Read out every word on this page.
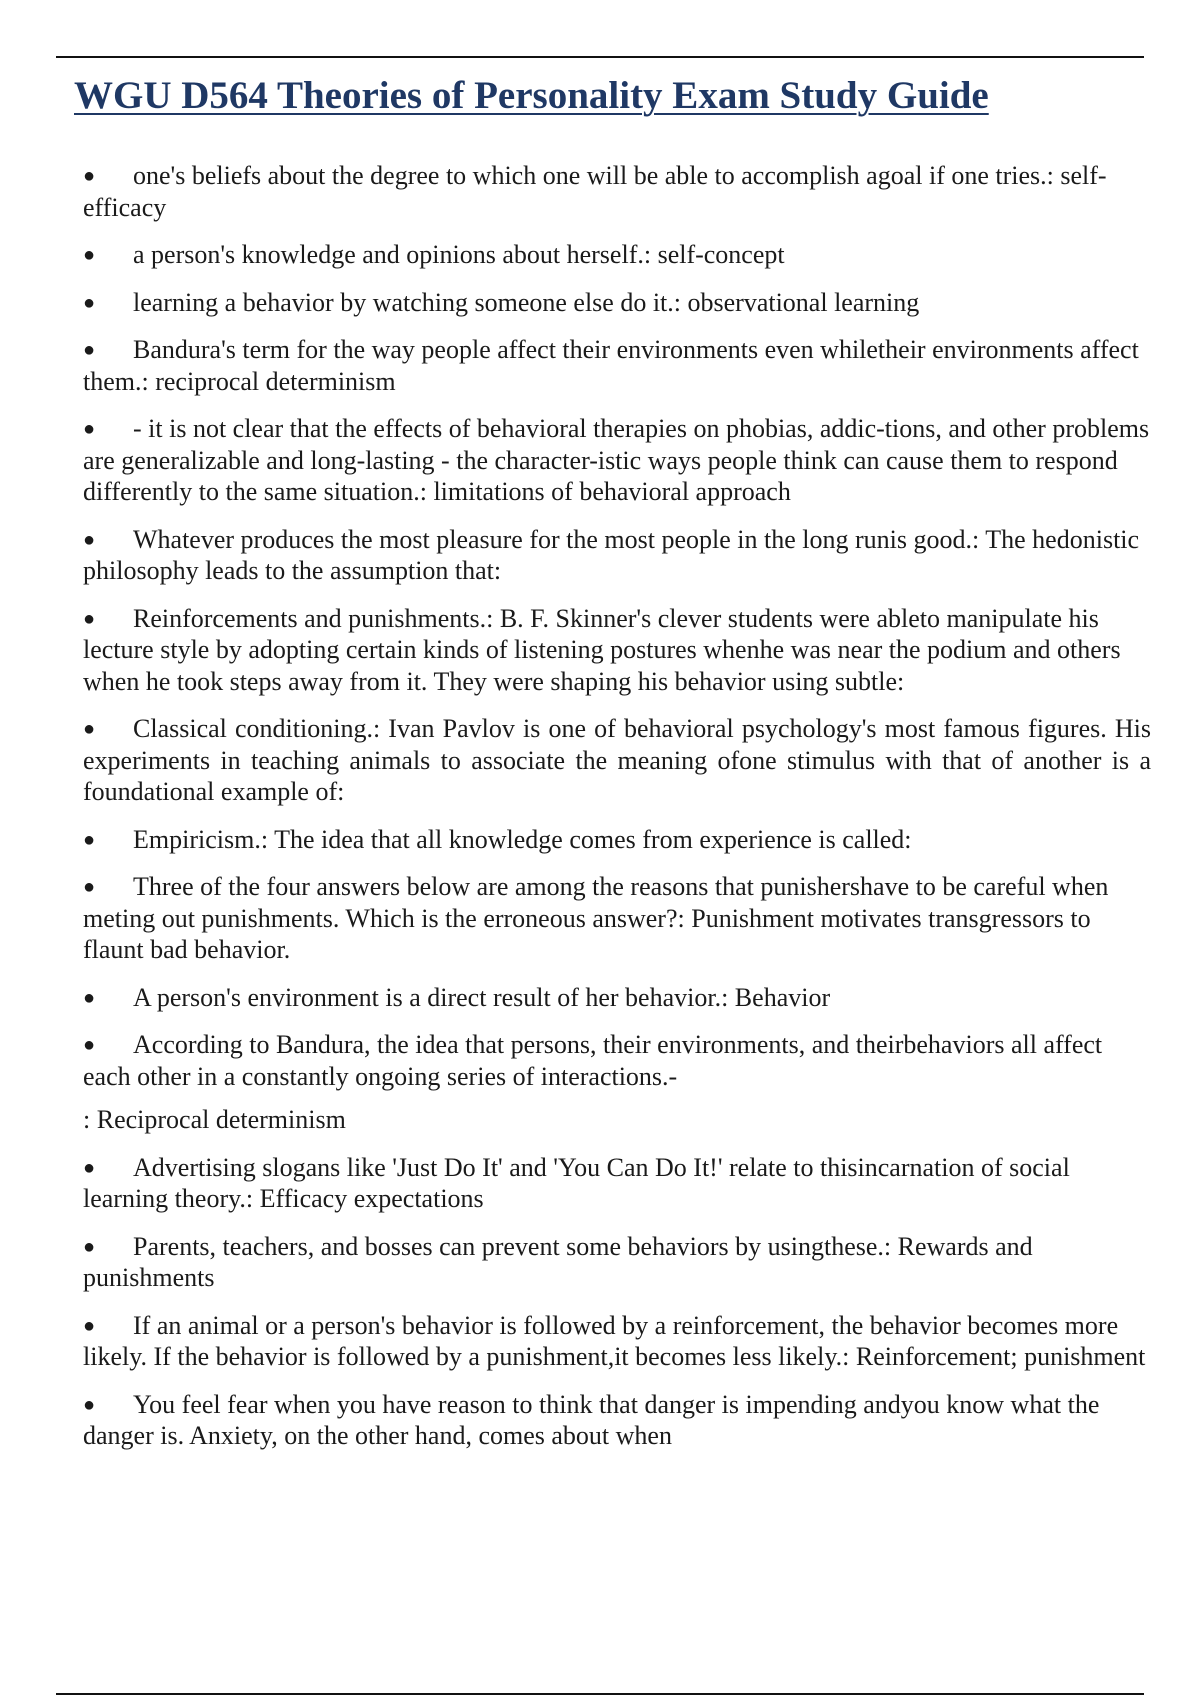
WGU D564 Theories of Personality Exam Study Guide

● one's beliefs about the degree to which one will be able to accomplish agoal if one tries.: self-efficacy

● a person's knowledge and opinions about herself.: self-concept

● learning a behavior by watching someone else do it.: observational learning

● Bandura's term for the way people affect their environments even whiletheir environments affect them.: reciprocal determinism

● - it is not clear that the effects of behavioral therapies on phobias, addic-tions, and other problems are generalizable and long-lasting - the character-istic ways people think can cause them to respond differently to the same situation.: limitations of behavioral approach

● Whatever produces the most pleasure for the most people in the long runis good.: The hedonistic philosophy leads to the assumption that:

● Reinforcements and punishments.: B. F. Skinner's clever students were ableto manipulate his lecture style by adopting certain kinds of listening postures whenhe was near the podium and others when he took steps away from it. They were shaping his behavior using subtle:

● Classical conditioning.: Ivan Pavlov is one of behavioral psychology's most famous figures. His experiments in teaching animals to associate the meaning ofone stimulus with that of another is a foundational example of:

● Empiricism.: The idea that all knowledge comes from experience is called:

● Three of the four answers below are among the reasons that punishershave to be careful when meting out punishments. Which is the erroneous answer?: Punishment motivates transgressors to flaunt bad behavior.

● A person's environment is a direct result of her behavior.: Behavior

● According to Bandura, the idea that persons, their environments, and theirbehaviors all affect each other in a constantly ongoing series of interactions.-

: Reciprocal determinism

● Advertising slogans like 'Just Do It' and 'You Can Do It!' relate to thisincarnation of social learning theory.: Efficacy expectations

● Parents, teachers, and bosses can prevent some behaviors by usingthese.: Rewards and punishments

● If an animal or a person's behavior is followed by a reinforcement, the behavior becomes more likely. If the behavior is followed by a punishment,it becomes less likely.: Reinforcement; punishment

● You feel fear when you have reason to think that danger is impending andyou know what the danger is. Anxiety, on the other hand, comes about when
